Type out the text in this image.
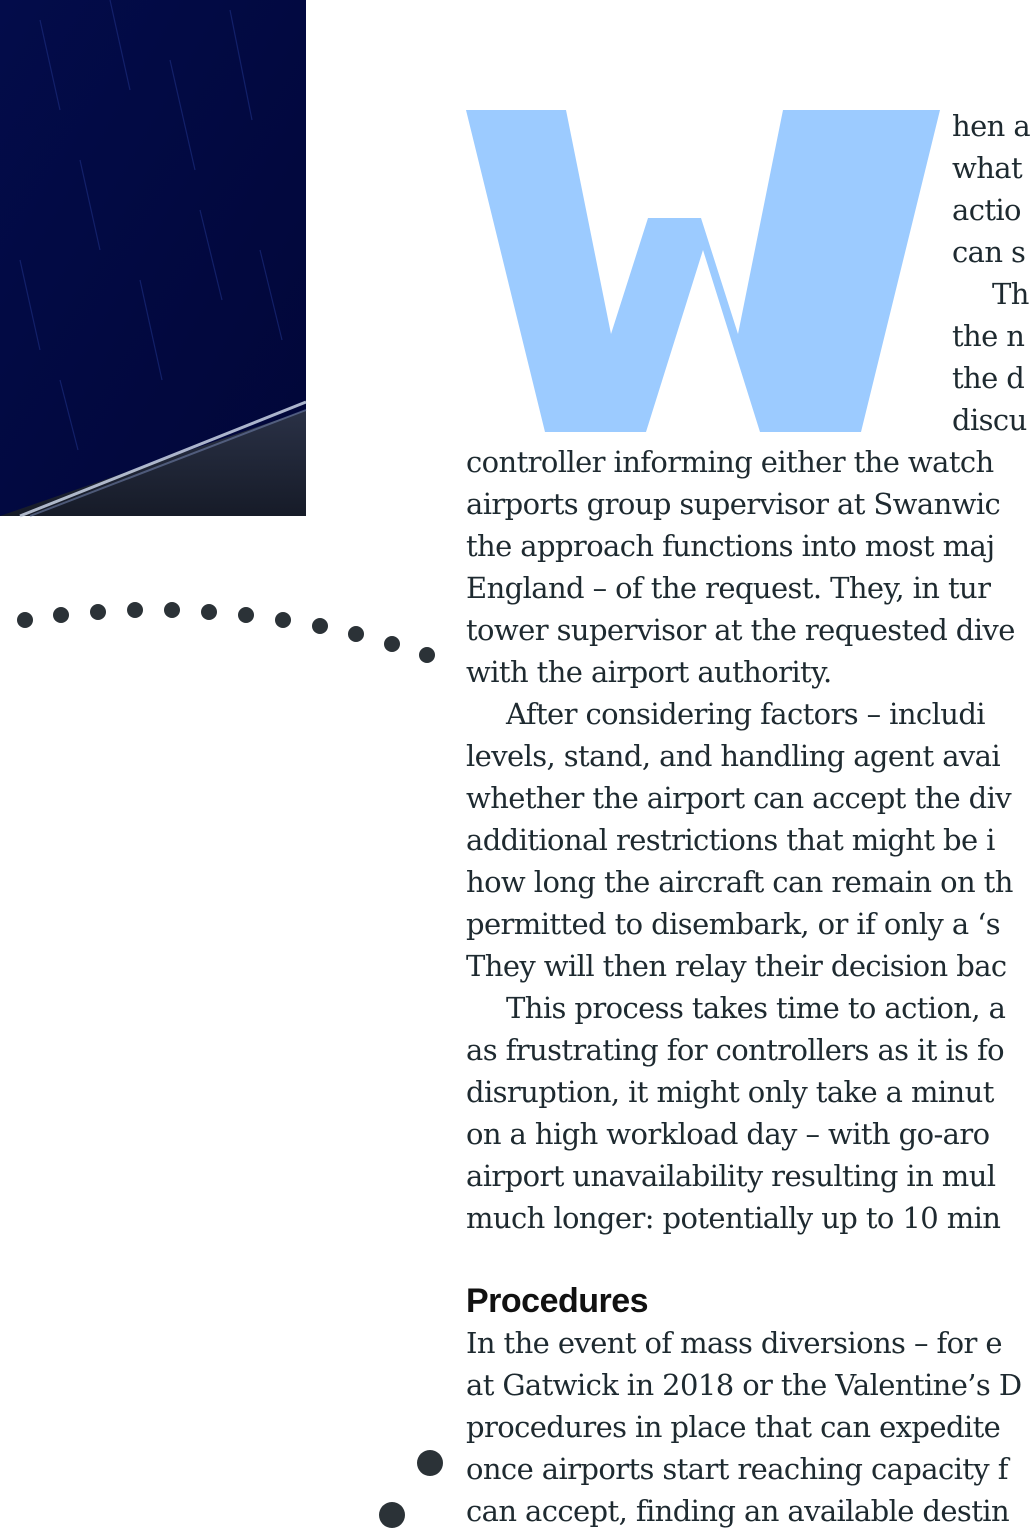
hen a
what
actio
can s
Th
the n
the d
discu
controller informing either the watch
airports group supervisor at Swanwic
the approach functions into most maj
England – of the request. They, in tur
tower supervisor at the requested dive
with the airport authority.
After considering factors – includi
levels, stand, and handling agent avai
whether the airport can accept the div
additional restrictions that might be i
how long the aircraft can remain on th
permitted to disembark, or if only a ‘s
They will then relay their decision bac
This process takes time to action, a
as frustrating for controllers as it is fo
disruption, it might only take a minut
on a high workload day – with go-aro
airport unavailability resulting in mul
much longer: potentially up to 10 min
Procedures
In the event of mass diversions – for e
at Gatwick in 2018 or the Valentine’s D
procedures in place that can expedite
once airports start reaching capacity f
can accept, finding an available destin
